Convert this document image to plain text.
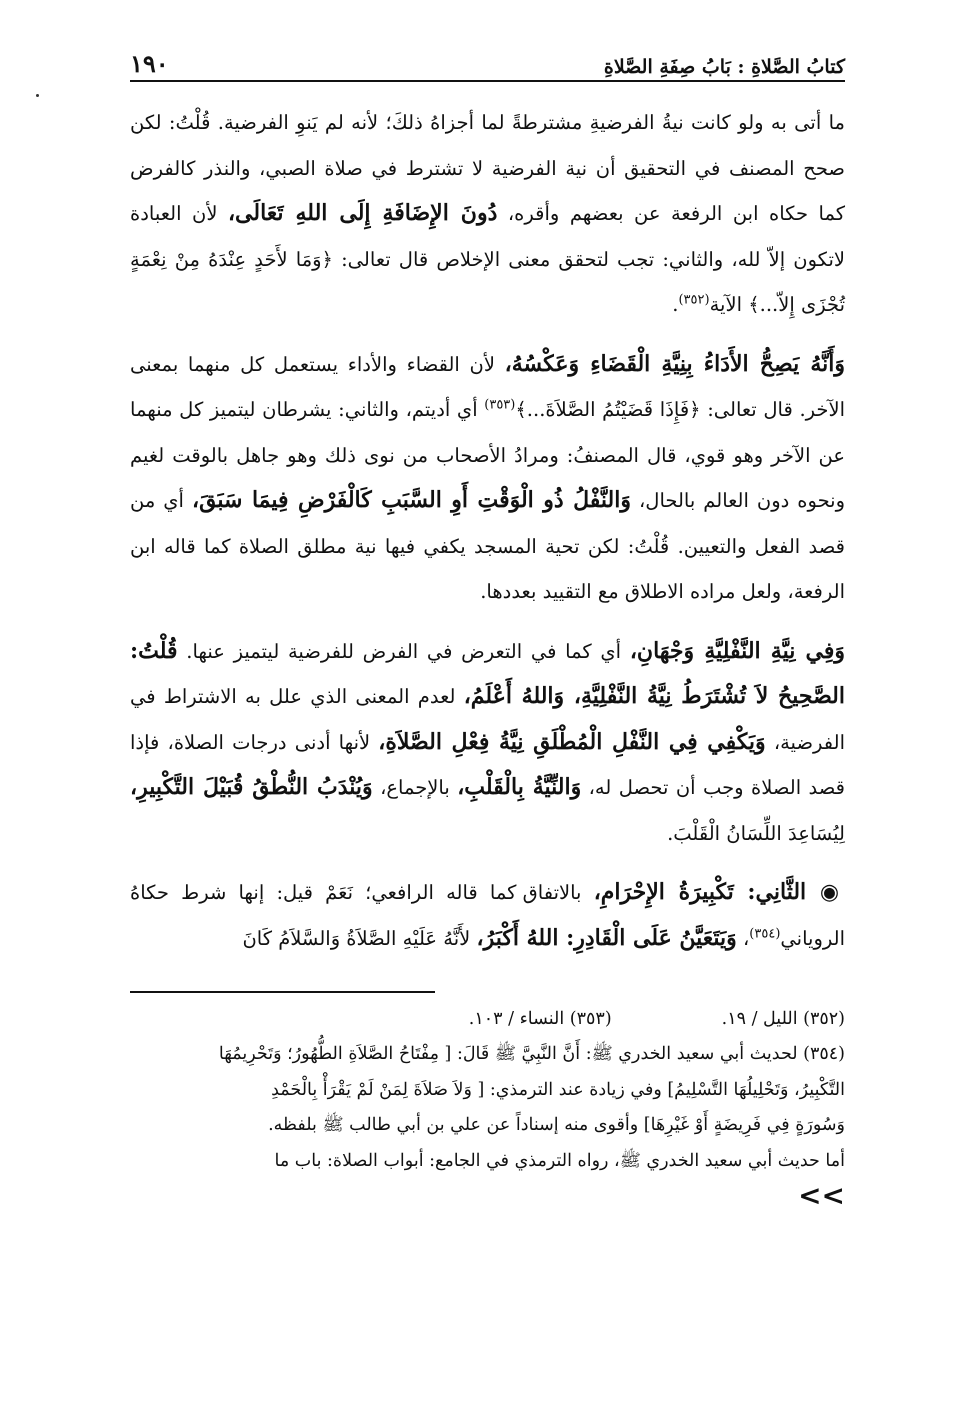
كتابُ الصَّلاةِ : بَابُ صِفَةِ الصَّلاةِ
١٩٠

ما أتى به ولو كانت نيةُ الفرضيةِ مشترطةً لما أجزاهُ ذلكَ؛ لأنه لم يَنوِ الفرضية. قُلْتُ: لكن صحح المصنف في التحقيق أن نية الفرضية لا تشترط في صلاة الصبي، والنذر كالفرض كما حكاه ابن الرفعة عن بعضهم وأقره، دُونَ الإِضَافَةِ إِلَى اللهِ تَعَالَى، لأن العبادة لاتكون إلاّ لله، والثاني: تجب لتحقق معنى الإخلاص قال تعالى: ﴿وَمَا لأَحَدٍ عِنْدَهُ مِنْ نِعْمَةٍ تُجْزَى إِلاّ...﴾ الآية$^{(٣٥٢)}$.

وَأَنَّهُ يَصِحُّ الأَدَاءُ بِنِيَّةِ الْقَضَاءِ وَعَكْسُهُ، لأن القضاء والأداء يستعمل كل منهما بمعنى الآخر. قال تعالى: ﴿فَإِذَا قَضَيْتُمُ الصَّلاَةَ...﴾$^{(٣٥٣)}$ أي أديتم، والثاني: يشرطان ليتميز كل منهما عن الآخر وهو قوي، قال المصنفُ: ومرادُ الأصحاب من نوى ذلك وهو جاهل بالوقت لغيم ونحوه دون العالم بالحال، وَالنَّفْلُ ذُو الْوَقْتِ أَوِ السَّبَبِ كَالْفَرْضِ فِيمَا سَبَقَ، أي من قصد الفعل والتعيين. قُلْتُ: لكن تحية المسجد يكفي فيها نية مطلق الصلاة كما قاله ابن الرفعة، ولعل مراده الاطلاق مع التقييد بعددها.

وَفِي نِيَّةِ النَّفْلِيَّةِ وَجْهَانِ، أي كما في التعرض في الفرض للفرضية ليتميز عنها. قُلْتُ: الصَّحِيحُ لاَ تُشْتَرَطُ نِيَّةُ النَّفْلِيَّةِ، وَاللهُ أَعْلَمُ، لعدم المعنى الذي علل به الاشتراط في الفرضية، وَيَكْفِي فِي النَّفْلِ الْمُطْلَقِ نِيَّةُ فِعْلِ الصَّلاَةِ، لأنها أدنى درجات الصلاة، فإذا قصد الصلاة وجب أن تحصل له، وَالنِّيَّةُ بِالْقَلْبِ، بالإجماع، وَيُنْدَبُ النُّطْقُ قُبَيْلَ التَّكْبِيرِ، لِيُسَاعِدَ اللِّسَانُ الْقَلْبَ.

◉ الثَّانِي: تَكْبِيرَةُ الإِحْرَامِ، بالاتفاق كما قاله الرافعي؛ نَعَمْ قيل: إنها شرط حكاهُ الروياني$^{(٣٥٤)}$، وَيَتَعَيَّنُ عَلَى الْقَادِرِ: اللهُ أَكْبَرُ، لأَنَّهُ عَلَيْهِ الصَّلاَةُ وَالسَّلاَمُ كَانَ

(٣٥٢) الليل / ١٩.
(٣٥٣) النساء / ١٠٣.
(٣٥٤) لحديث أبي سعيد الخدري ﷺ: أَنَّ النَّبِيَّ ﷺ قَالَ: [ مِفْتَاحُ الصَّلاَةِ الطُّهُورُ؛ وَتَحْرِيمُهَا
التَّكْبِيرُ، وَتَحْلِيلُهَا التَّسْلِيمُ] وفي زيادة عند الترمذي: [ وَلاَ صَلاَةَ لِمَنْ لَمْ يَقْرَأْ بِالْحَمْدِ
وَسُورَةٍ فِي فَرِيضَةٍ أَوْ غَيْرِهَا] وأقوى منه إسناداً عن علي بن أبي طالب ﷺ بلفظه.
أما حديث أبي سعيد الخدري ﷺ، رواه الترمذي في الجامع: أبواب الصلاة: باب ما
<<
